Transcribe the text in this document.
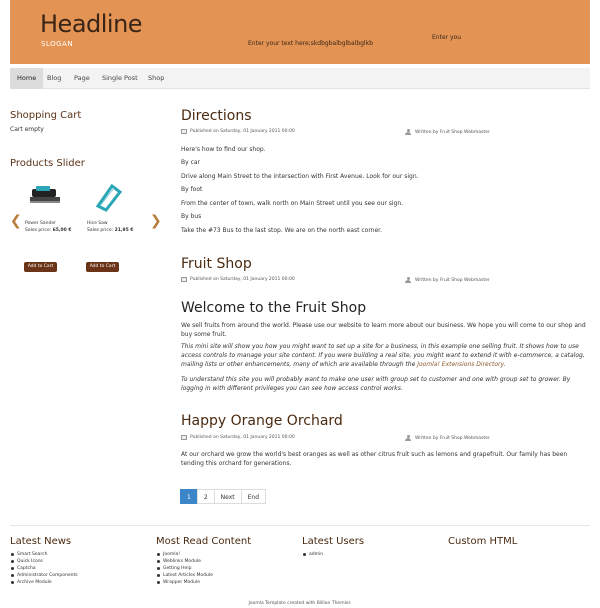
Headline
SLOGAN	Enter your text here;skdbgbalbglbalbglkb
Enter you
Home	Blog	Page	Single Post	Shop
Shopping Cart
Cart empty
Products Slider
❮	❯
Power Sander
Sales price: 65,00 €
Hice Saw
Sales price: 21,95 €
Add to Cart	Add to Cart
Directions
Published on Saturday, 01 January 2011 00:00	Written by Fruit Shop Webmaster
Here's how to find our shop.
By car
Drive along Main Street to the intersection with First Avenue. Look for our sign.
By foot
From the center of town, walk north on Main Street until you see our sign.
By bus
Take the #73 Bus to the last stop. We are on the north east corner.
Fruit Shop
Published on Saturday, 01 January 2011 00:00	Written by Fruit Shop Webmaster
Welcome to the Fruit Shop
We sell fruits from around the world. Please use our website to learn more about our business. We hope you will come to our shop and buy some fruit.
This mini site will show you how you might want to set up a site for a business, in this example one selling fruit. It shows how to use access controls to manage your site content. If you were building a real site, you might want to extend it with e-commerce, a catalog, mailing lists or other enhancements, many of which are available through the Joomla! Extensions Directory.
To understand this site you will probably want to make one user with group set to customer and one with group set to grower. By logging in with different privileges you can see how access control works.
Happy Orange Orchard
Published on Saturday, 01 January 2011 00:00	Written by Fruit Shop Webmaster
At our orchard we grow the world's best oranges as well as other citrus fruit such as lemons and grapefruit. Our family has been tending this orchard for generations.
1	2	Next	End
Latest News
Smart Search
Quick Icons
Captcha
Administrator Components
Archive Module
Most Read Content
Joomla!
Weblinks Module
Getting Help
Latest Articles Module
Wrapper Module
Latest Users
admin
Custom HTML
Joomla Template created with Billion Themler.
